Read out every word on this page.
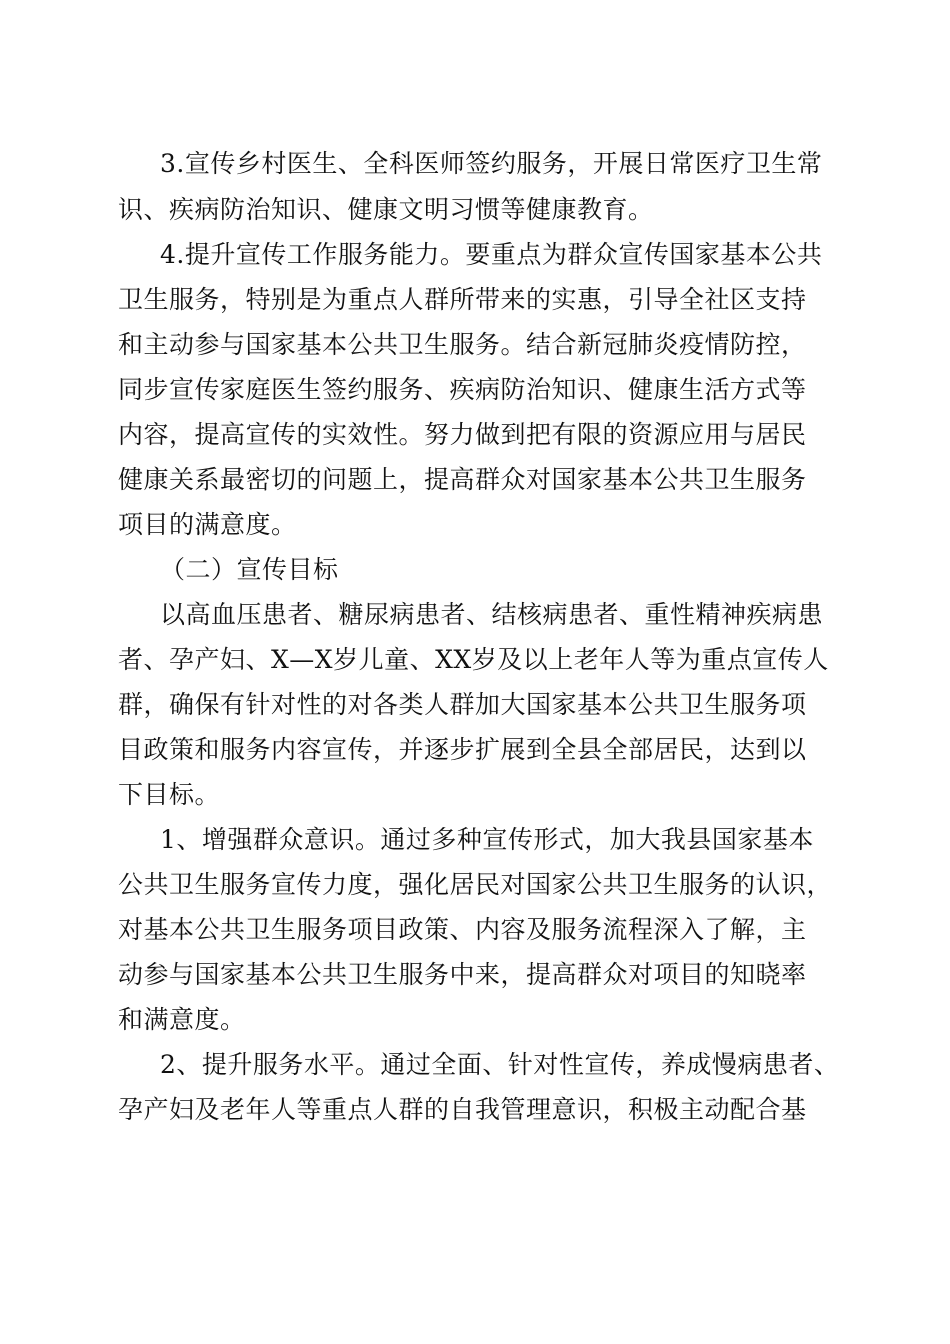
3.宣传乡村医生、全科医师签约服务，开展日常医疗卫生常
识、疾病防治知识、健康文明习惯等健康教育。
4.提升宣传工作服务能力。要重点为群众宣传国家基本公共
卫生服务，特别是为重点人群所带来的实惠，引导全社区支持
和主动参与国家基本公共卫生服务。结合新冠肺炎疫情防控，
同步宣传家庭医生签约服务、疾病防治知识、健康生活方式等
内容，提高宣传的实效性。努力做到把有限的资源应用与居民
健康关系最密切的问题上，提高群众对国家基本公共卫生服务
项目的满意度。
（二）宣传目标
以高血压患者、糖尿病患者、结核病患者、重性精神疾病患
者、孕产妇、X—X岁儿童、XX岁及以上老年人等为重点宣传人
群，确保有针对性的对各类人群加大国家基本公共卫生服务项
目政策和服务内容宣传，并逐步扩展到全县全部居民，达到以
下目标。
1、增强群众意识。通过多种宣传形式，加大我县国家基本
公共卫生服务宣传力度，强化居民对国家公共卫生服务的认识，
对基本公共卫生服务项目政策、内容及服务流程深入了解，主
动参与国家基本公共卫生服务中来，提高群众对项目的知晓率
和满意度。
2、提升服务水平。通过全面、针对性宣传，养成慢病患者、
孕产妇及老年人等重点人群的自我管理意识，积极主动配合基
